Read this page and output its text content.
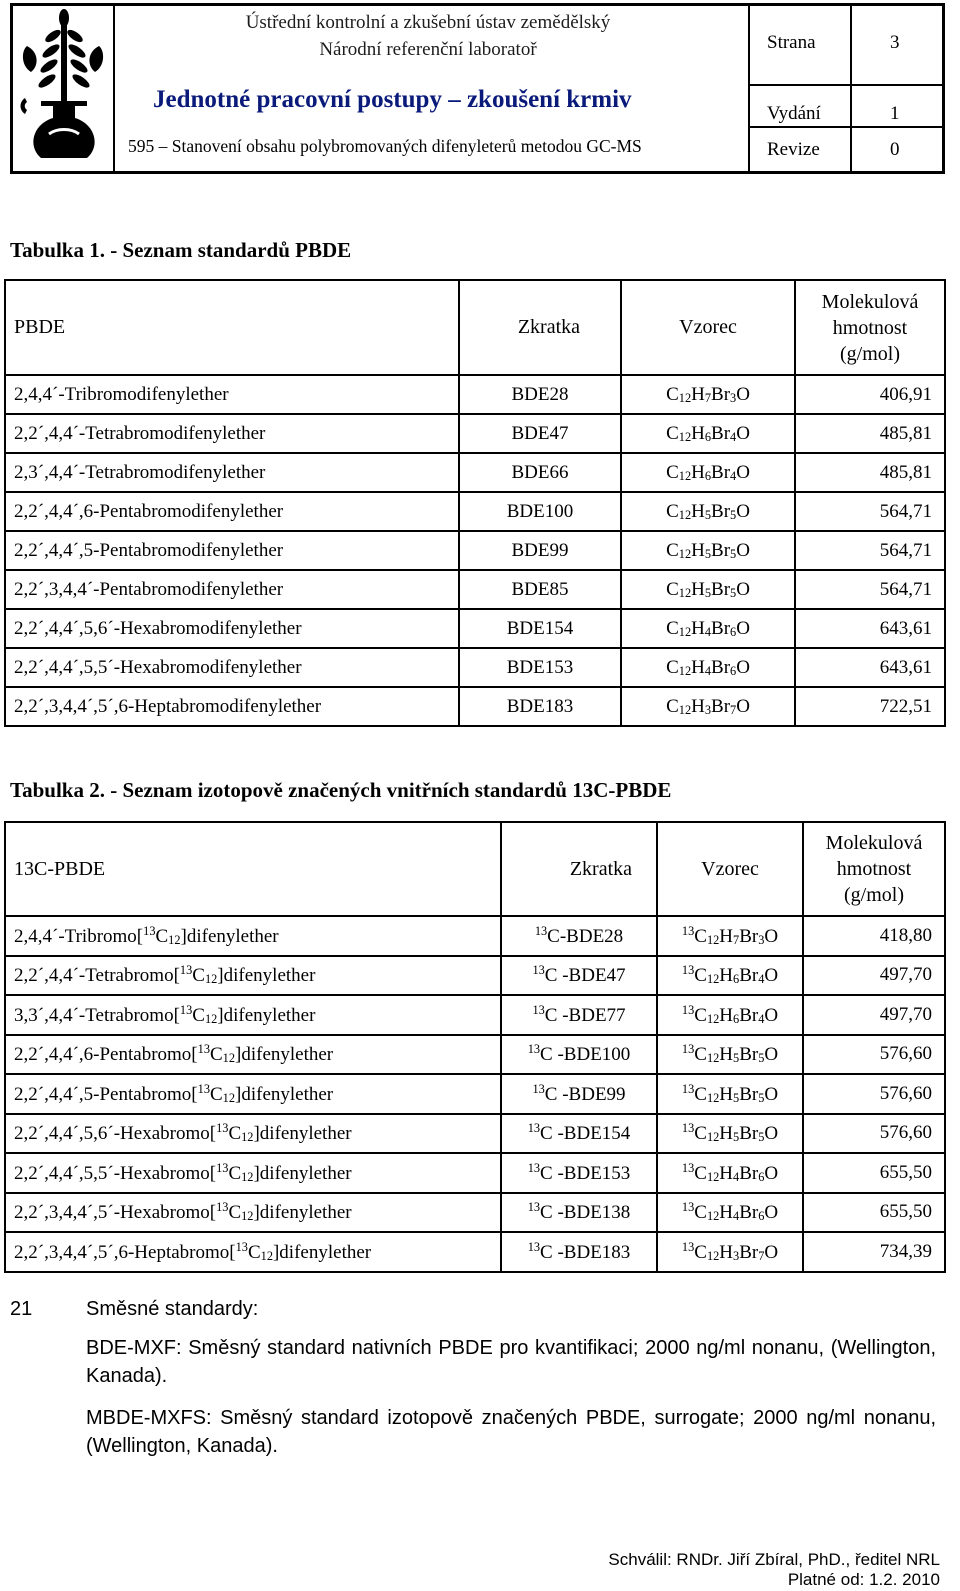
Ústřední kontrolní a zkušební ústav zemědělský
Národní referenční laboratoř
Jednotné pracovní postupy – zkoušení krmiv
595 – Stanovení obsahu polybromovaných difenyleterů metodou GC-MS
Strana	3
Vydání	1
Revize	0
Tabulka 1. - Seznam standardů PBDE
PBDE	Zkratka	Vzorec	Molekulová hmotnost (g/mol)
2,4,4´-Tribromodifenylether	BDE28	$C_{12}H_7Br_3O$	406,91
2,2´,4,4´-Tetrabromodifenylether	BDE47	$C_{12}H_6Br_4O$	485,81
2,3´,4,4´-Tetrabromodifenylether	BDE66	$C_{12}H_6Br_4O$	485,81
2,2´,4,4´,6-Pentabromodifenylether	BDE100	$C_{12}H_5Br_5O$	564,71
2,2´,4,4´,5-Pentabromodifenylether	BDE99	$C_{12}H_5Br_5O$	564,71
2,2´,3,4,4´-Pentabromodifenylether	BDE85	$C_{12}H_5Br_5O$	564,71
2,2´,4,4´,5,6´-Hexabromodifenylether	BDE154	$C_{12}H_4Br_6O$	643,61
2,2´,4,4´,5,5´-Hexabromodifenylether	BDE153	$C_{12}H_4Br_6O$	643,61
2,2´,3,4,4´,5´,6-Heptabromodifenylether	BDE183	$C_{12}H_3Br_7O$	722,51
Tabulka 2. - Seznam izotopově značených vnitřních standardů 13C-PBDE
13C-PBDE	Zkratka	Vzorec	Molekulová hmotnost (g/mol)
$2,4,4´-Tribromo[^{13}C_{12}]difenylether$	$^{13}$C-BDE28	$^{13}C_{12}H_7Br_3O$	418,80
$2,2´,4,4´-Tetrabromo[^{13}C_{12}]difenylether$	$^{13}$C -BDE47	$^{13}C_{12}H_6Br_4O$	497,70
$3,3´,4,4´-Tetrabromo[^{13}C_{12}]difenylether$	$^{13}$C -BDE77	$^{13}C_{12}H_6Br_4O$	497,70
$2,2´,4,4´,6-Pentabromo[^{13}C_{12}]difenylether$	$^{13}$C -BDE100	$^{13}C_{12}H_5Br_5O$	576,60
$2,2´,4,4´,5-Pentabromo[^{13}C_{12}]difenylether$	$^{13}$C -BDE99	$^{13}C_{12}H_5Br_5O$	576,60
$2,2´,4,4´,5,6´-Hexabromo[^{13}C_{12}]difenylether$	$^{13}$C -BDE154	$^{13}C_{12}H_5Br_5O$	576,60
$2,2´,4,4´,5,5´-Hexabromo[^{13}C_{12}]difenylether$	$^{13}$C -BDE153	$^{13}C_{12}H_4Br_6O$	655,50
$2,2´,3,4,4´,5´-Hexabromo[^{13}C_{12}]difenylether$	$^{13}$C -BDE138	$^{13}C_{12}H_4Br_6O$	655,50
$2,2´,3,4,4´,5´,6-Heptabromo[^{13}C_{12}]difenylether$	$^{13}$C -BDE183	$^{13}C_{12}H_3Br_7O$	734,39
21	Směsné standardy:
BDE-MXF: Směsný standard nativních PBDE pro kvantifikaci; 2000 ng/ml nonanu, (Wellington, Kanada).
MBDE-MXFS: Směsný standard izotopově značených PBDE, surrogate; 2000 ng/ml nonanu, (Wellington, Kanada).
Schválil: RNDr. Jiří Zbíral, PhD., ředitel NRL
Platné od: 1.2. 2010
